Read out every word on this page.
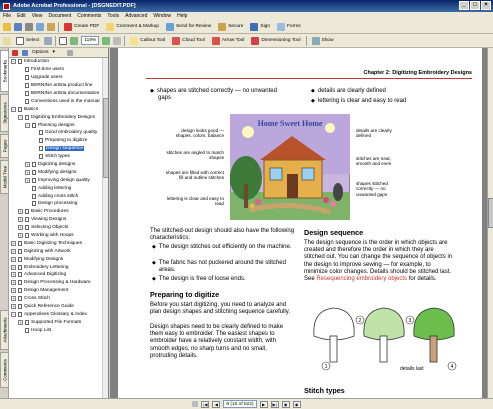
Adobe Acrobat Professional - [DSGNEDIT.PDF]	_	□	×
File Edit View Document Comments Tools Advanced Window Help
Create PDF	Comment & Markup	Send for Review	Secure	Sign	Forms
Select	119%	Callout Tool	Cloud Tool	Arrow Tool	Dimensioning Tool	Show
Bookmarks
Signatures
Pages
Model Tree
Attachments
Comments
Options ▾
− Introduction
First-time users
Upgrade users
BERNINA artista product line
BERNINA artista documentation
Conventions used in the manual
− Basics
− Digitizing Embroidery Designs
− Planning designs
Good embroidery quality
Preparing to digitize
Design sequence
Stitch types
+ Digitizing designs
+ Modifying designs
+ Improving design quality
Adding lettering
Adding cross stitch
Design processing
+ Basic Procedures
+ Viewing Designs
+ Selecting Objects
+ Working with Hoops
+ Basic Digitizing Techniques
+ Digitizing with Artwork
+ Modifying Designs
+ Embroidery Lettering
+ Advanced Digitizing
+ Design Processing & Hardware
+ Design Management
+ Cross Stitch
+ Quick Reference Guide
− Appendixes Glossary & Index
+ Supported File Formats
Hoop List
Chapter 2: Digitizing Embroidery Designs
◆ shapes are stitched correctly — no unwanted
gaps
◆ details are clearly defined
◆ lettering is clear and easy to read
design looks good — shapes, colors, balance
stitches are angled to match shapes
shapes are filled with correct fill and outline stitches
lettering is clear and easy to read
Home Sweet Home
details are clearly defined
stitches are neat, smooth and even
shapes stitched correctly — no unwanted gaps
The stitched-out design should also have the following characteristics:
◆ The design stitches out efficiently on the machine.
◆ The fabric has not puckered around the stitched areas.
◆ The design is free of loose ends.
Preparing to digitize
Before you start digitizing, you need to analyze and plan design shapes and stitching sequence carefully.
Design shapes need to be clearly defined to make them easy to embroider. The easiest shapes to embroider have a relatively constant width, with smooth edges, no sharp turns and no small, protruding details.
Design sequence
The design sequence is the order in which objects are created and therefore the order in which they are stitched out. You can change the sequence of objects in the design to improve sewing — for example, to minimize color changes. Details should be stitched last. See Resequencing embroidery objects for details.
1
2	3
4
details last
Stitch types
|◀	◀	8 (10 of 522)	▶	▶|	◉	◉
